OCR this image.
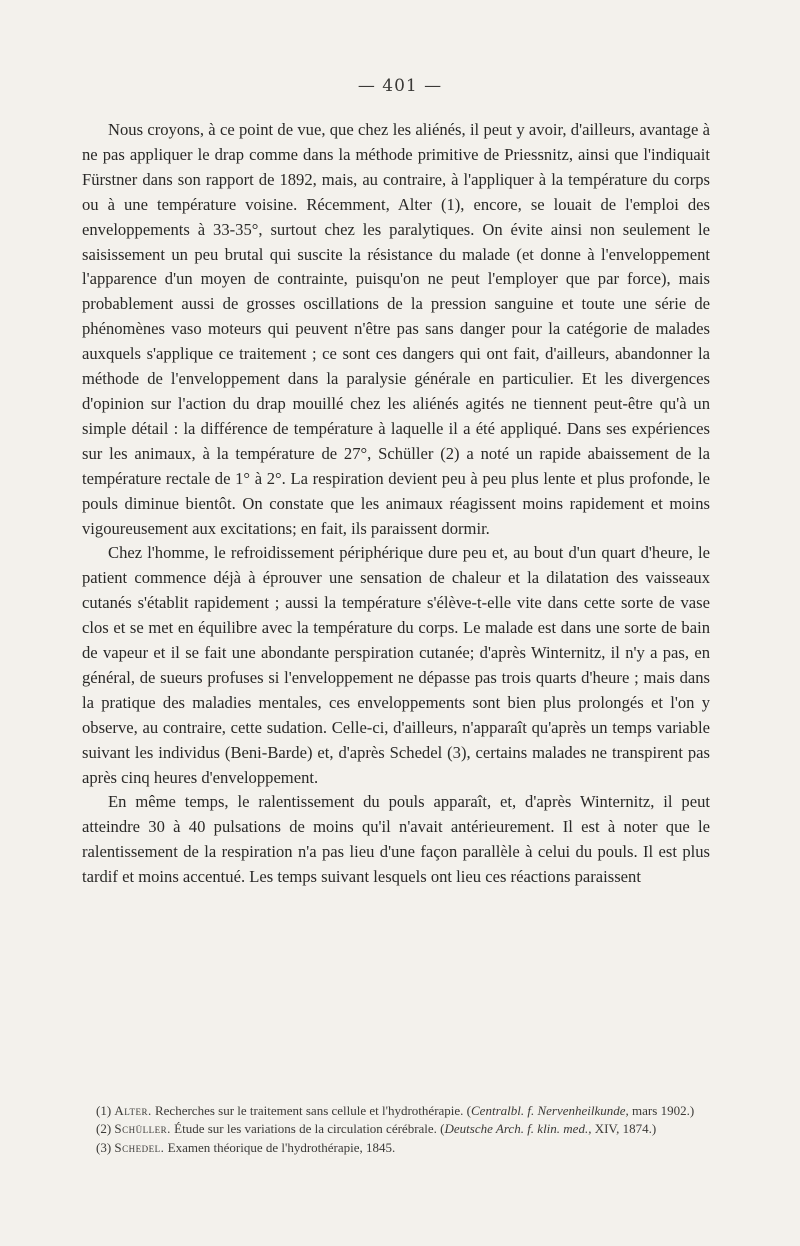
— 401 —

Nous croyons, à ce point de vue, que chez les aliénés, il peut y avoir, d'ailleurs, avantage à ne pas appliquer le drap comme dans la méthode primitive de Priessnitz, ainsi que l'indiquait Fürstner dans son rapport de 1892, mais, au contraire, à l'appliquer à la température du corps ou à une température voisine. Récemment, Alter (1), encore, se louait de l'emploi des enveloppements à 33-35°, surtout chez les paralytiques. On évite ainsi non seulement le saisissement un peu brutal qui suscite la résistance du malade (et donne à l'enveloppement l'apparence d'un moyen de contrainte, puisqu'on ne peut l'employer que par force), mais probablement aussi de grosses oscillations de la pression sanguine et toute une série de phénomènes vaso moteurs qui peuvent n'être pas sans danger pour la catégorie de malades auxquels s'applique ce traitement ; ce sont ces dangers qui ont fait, d'ailleurs, abandonner la méthode de l'enveloppement dans la paralysie générale en particulier. Et les divergences d'opinion sur l'action du drap mouillé chez les aliénés agités ne tiennent peut-être qu'à un simple détail : la différence de température à laquelle il a été appliqué. Dans ses expériences sur les animaux, à la température de 27°, Schüller (2) a noté un rapide abaissement de la température rectale de 1° à 2°. La respiration devient peu à peu plus lente et plus profonde, le pouls diminue bientôt. On constate que les animaux réagissent moins rapidement et moins vigoureusement aux excitations; en fait, ils paraissent dormir.

Chez l'homme, le refroidissement périphérique dure peu et, au bout d'un quart d'heure, le patient commence déjà à éprouver une sensation de chaleur et la dilatation des vaisseaux cutanés s'établit rapidement ; aussi la température s'élève-t-elle vite dans cette sorte de vase clos et se met en équilibre avec la température du corps. Le malade est dans une sorte de bain de vapeur et il se fait une abondante perspiration cutanée; d'après Winternitz, il n'y a pas, en général, de sueurs profuses si l'enveloppement ne dépasse pas trois quarts d'heure ; mais dans la pratique des maladies mentales, ces enveloppements sont bien plus prolongés et l'on y observe, au contraire, cette sudation. Celle-ci, d'ailleurs, n'apparaît qu'après un temps variable suivant les individus (Beni-Barde) et, d'après Schedel (3), certains malades ne transpirent pas après cinq heures d'enveloppement.

En même temps, le ralentissement du pouls apparaît, et, d'après Winternitz, il peut atteindre 30 à 40 pulsations de moins qu'il n'avait antérieurement. Il est à noter que le ralentissement de la respiration n'a pas lieu d'une façon parallèle à celui du pouls. Il est plus tardif et moins accentué. Les temps suivant lesquels ont lieu ces réactions paraissent

(1) Alter. Recherches sur le traitement sans cellule et l'hydrothérapie. (Centralbl. f. Nervenheilkunde, mars 1902.)

(2) Schüller. Étude sur les variations de la circulation cérébrale. (Deutsche Arch. f. klin. med., XIV, 1874.)

(3) Schedel. Examen théorique de l'hydrothérapie, 1845.
